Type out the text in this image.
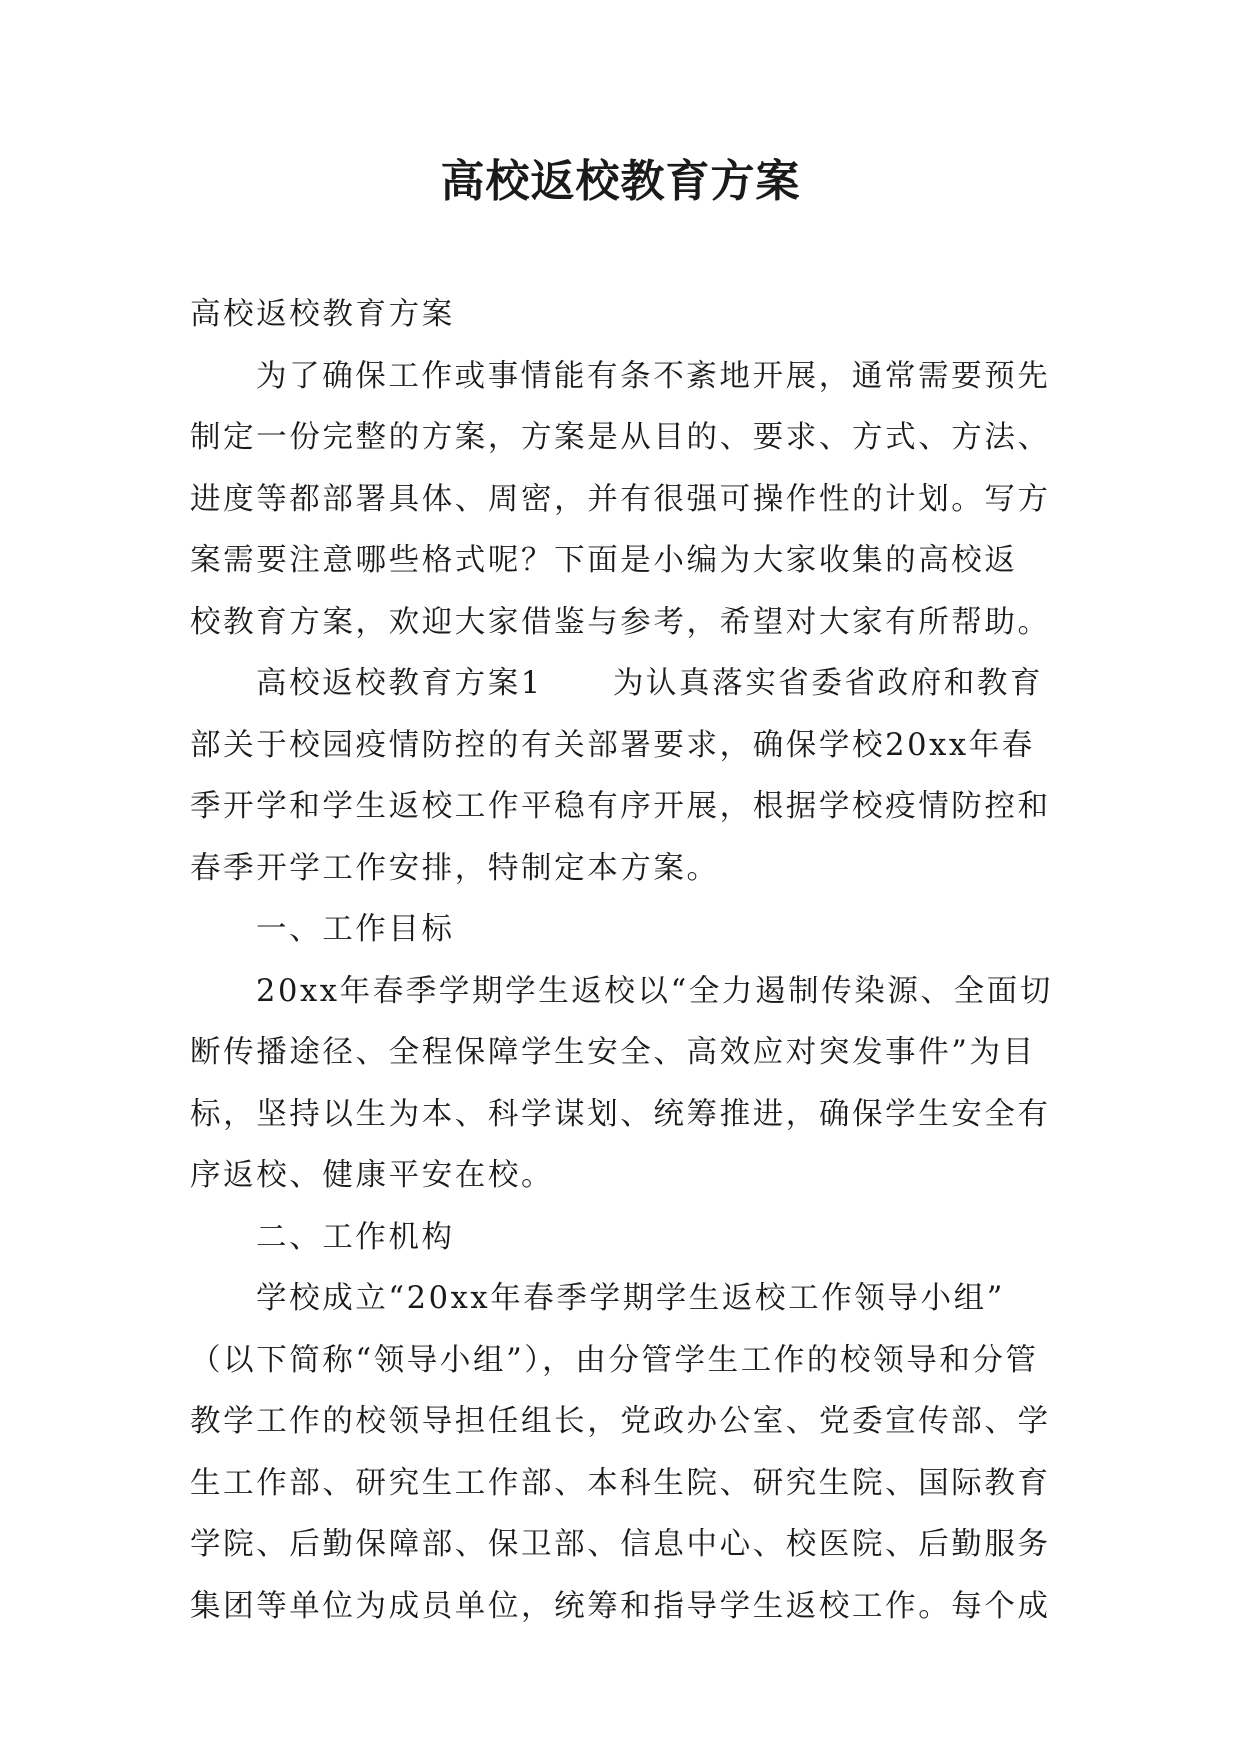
高校返校教育方案
高校返校教育方案
为了确保工作或事情能有条不紊地开展，通常需要预先
制定一份完整的方案，方案是从目的、要求、方式、方法、
进度等都部署具体、周密，并有很强可操作性的计划。写方
案需要注意哪些格式呢？下面是小编为大家收集的高校返
校教育方案，欢迎大家借鉴与参考，希望对大家有所帮助。
高校返校教育方案1 为认真落实省委省政府和教育
部关于校园疫情防控的有关部署要求，确保学校20xx年春
季开学和学生返校工作平稳有序开展，根据学校疫情防控和
春季开学工作安排，特制定本方案。
一、工作目标
20xx年春季学期学生返校以“全力遏制传染源、全面切
断传播途径、全程保障学生安全、高效应对突发事件”为目
标，坚持以生为本、科学谋划、统筹推进，确保学生安全有
序返校、健康平安在校。
二、工作机构
学校成立“20xx年春季学期学生返校工作领导小组”
（以下简称“领导小组”），由分管学生工作的校领导和分管
教学工作的校领导担任组长，党政办公室、党委宣传部、学
生工作部、研究生工作部、本科生院、研究生院、国际教育
学院、后勤保障部、保卫部、信息中心、校医院、后勤服务
集团等单位为成员单位，统筹和指导学生返校工作。每个成
